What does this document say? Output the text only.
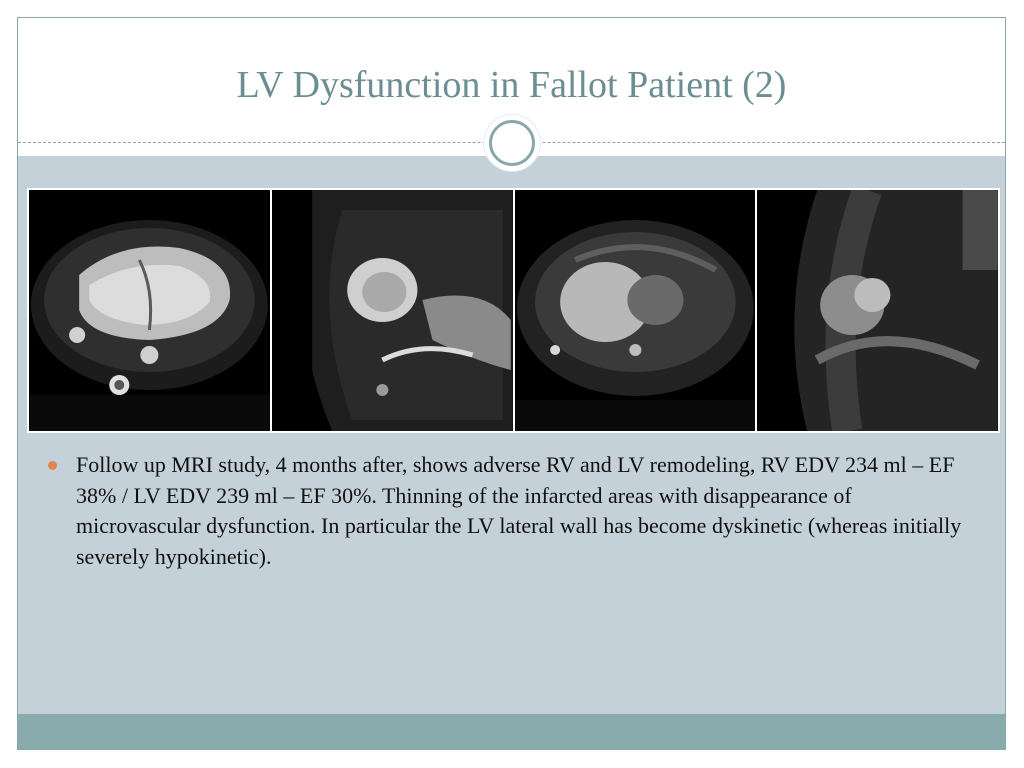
LV Dysfunction in Fallot Patient (2)
Follow up MRI study, 4 months after, shows adverse RV and LV remodeling, RV EDV 234 ml – EF 38% / LV EDV 239 ml – EF 30%. Thinning of the infarcted areas with disappearance of microvascular dysfunction. In particular the LV lateral wall has become dyskinetic (whereas initially severely hypokinetic).
